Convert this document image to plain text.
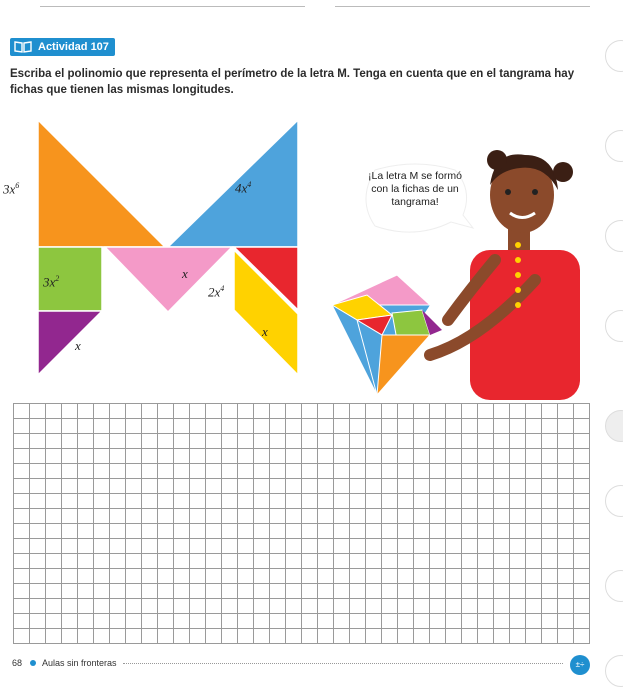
Actividad 107
Escriba el polinomio que representa el perímetro de la letra M. Tenga en cuenta que en el tangrama hay fichas que tienen las mismas longitudes.
$3x^6$	$4x^4$
$3x^2$	x
$2x^4$
x
x
¡La letra M se formó con la fichas de un tangrama!
68 Aulas sin fronteras	±÷
